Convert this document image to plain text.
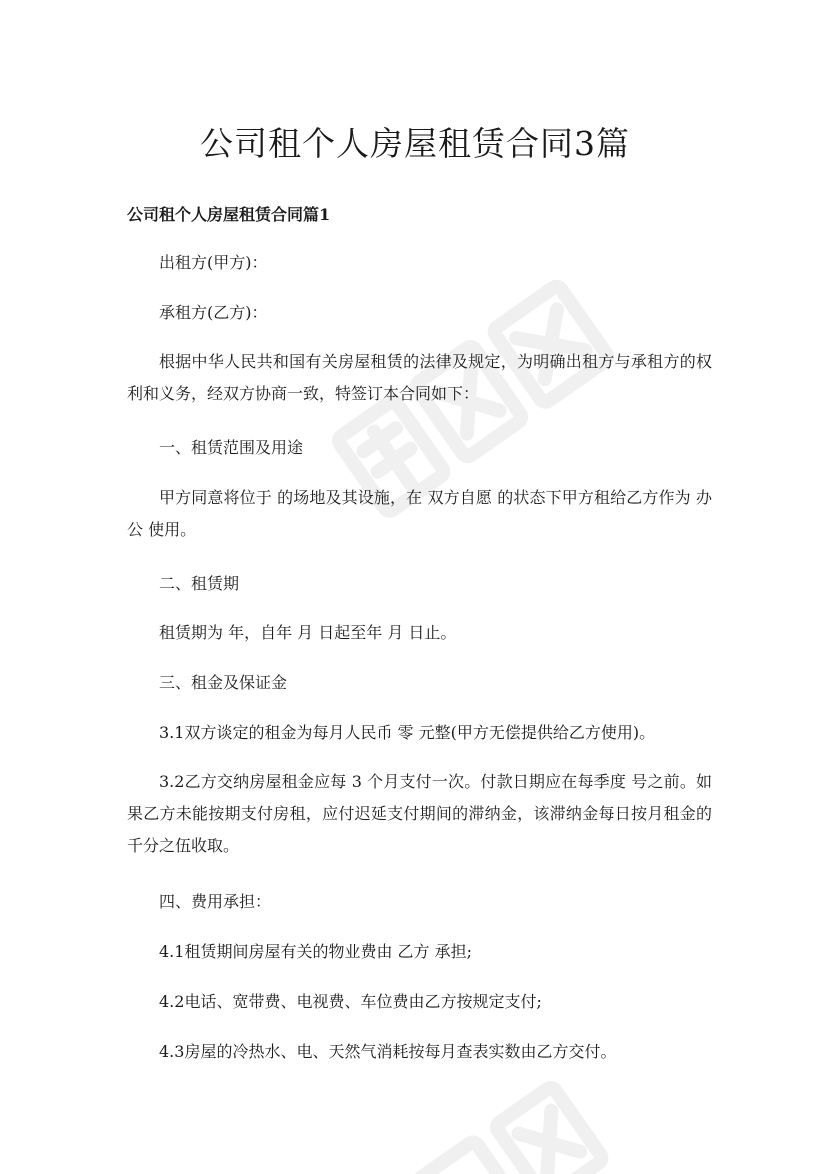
公司租个人房屋租赁合同3篇
公司租个人房屋租赁合同篇1

出租方(甲方)：

承租方(乙方)：

根据中华人民共和国有关房屋租赁的法律及规定，为明确出租方与承租方的权利和义务，经双方协商一致，特签订本合同如下：

一、租赁范围及用途

甲方同意将位于 的场地及其设施，在 双方自愿 的状态下甲方租给乙方作为 办公 使用。

二、租赁期

租赁期为 年，自年 月 日起至年 月 日止。

三、租金及保证金

3.1双方谈定的租金为每月人民币 零 元整(甲方无偿提供给乙方使用)。

3.2乙方交纳房屋租金应每 3 个月支付一次。付款日期应在每季度 号之前。如果乙方未能按期支付房租，应付迟延支付期间的滞纳金，该滞纳金每日按月租金的千分之伍收取。

四、费用承担：

4.1租赁期间房屋有关的物业费由 乙方 承担;

4.2电话、宽带费、电视费、车位费由乙方按规定支付;

4.3房屋的冷热水、电、天然气消耗按每月查表实数由乙方交付。
